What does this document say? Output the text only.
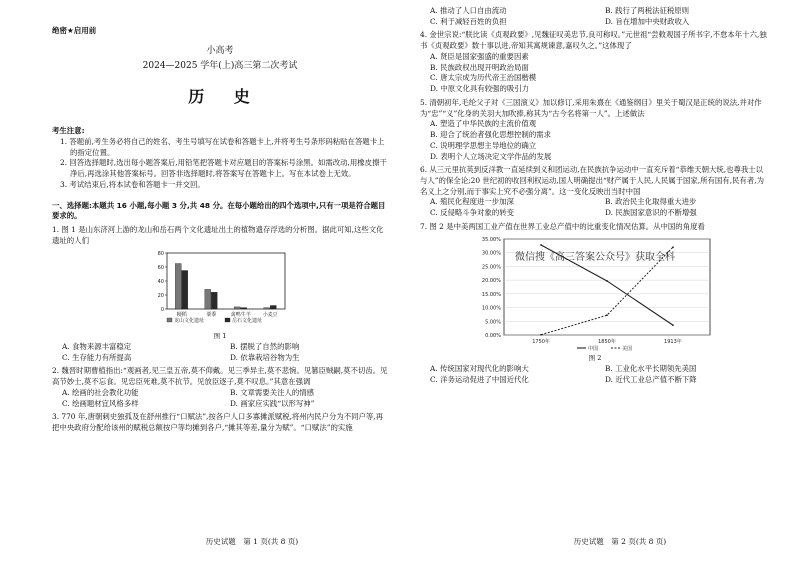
绝密★启用前
小高考
2024—2025 学年(上)高三第二次考试
历 史
考生注意:
1. 答题前,考生务必将自己的姓名、考生号填写在试卷和答题卡上,并将考生号条形码粘贴在答题卡上的指定位置。
2. 回答选择题时,选出每小题答案后,用铅笔把答题卡对应题目的答案标号涂黑。如需改动,用橡皮擦干净后,再选涂其他答案标号。回答非选择题时,将答案写在答题卡上。写在本试卷上无效。
3. 考试结束后,将本试卷和答题卡一并交回。
一、选择题:本题共 16 小题,每小题 3 分,共 48 分。在每小题给出的四个选项中,只有一项是符合题目要求的。

1. 图 1 是山东济河上游的龙山和岳石两个文化遗址出土的植物遗存浮选的分析图。据此可知,这些文化遗址的人们

0
20
40
60
80
粳稻	粟黍	禽鸭牛羊 小麦豆
龙山文化遗址	岳石文化遗址
图 1
A. 食物来源丰富稳定	B. 摆脱了自然的影响
C. 生存能力有所提高	D. 依靠栽培谷物为生

2. 魏晋时期曹植指出:“观画者,见三皇五帝,莫不仰戴。见三季异主,莫不悲惋。见篡臣贼嗣,莫不切齿。见高节妙士,莫不忘食。见忠臣死难,莫不抗节。见放臣逐子,莫不叹息。”其意在强调

A. 绘画的社会教化功能	B. 文章需要关注人的情感
C. 绘画题材宜风格多样	D. 画家应实践“以形写神”

3. 770 年,唐朝刺史独孤及在舒州推行“口赋法”,按各户人口多寡摊派赋税,将州内民户分为不同户等,再把中央政府分配给该州的赋税总额按户等均摊到各户,“摊其等差,量分为赋”。“口赋法”的实施

历史试题　第 1 页(共 8 页)
A. 推动了人口自由流动	B. 践行了两税法征税原则
C. 利于减轻百姓的负担	D. 旨在增加中央财政收入

4. 金世宗说:“朕比读《贞观政要》,见魏征叹美忠节,良可称叹。”元世祖“尝敕观国子所书字,不怠本年十六,独书《贞观政要》数十事以进,帝知其寓规谏意,嘉叹久之。”这体现了

A. 贤臣是国家强盛的重要因素
B. 民族政权出现开明政治局面
C. 唐太宗成为历代帝王治国楷模
D. 中原文化具有较强的吸引力

5. 清朝初年,毛纶父子对《三国演义》加以修订,采用朱熹在《通鉴纲目》里关于蜀汉是正统的说法,并对作为“忠”“义”化身的关羽大加吹捧,称其为“古今名将第一人”。上述做法

A. 塑造了中华民族的主流价值观
B. 迎合了统治者强化思想控制的需求
C. 说明理学思想主导地位的确立
D. 表明个人立场决定文学作品的发展

6. 从三元里抗英到反洋教一直延续到义和团运动,在民族抗争运动中一直充斥着“恭维天朝大统,也尊我士以与人”的保全论;20 世纪初的收回利权运动,国人明确提出“财产属于人民,人民属于国家,所有国有,民有者,为名义上之分别,而于事实上究不必强分离”。这一变化反映出当时中国

A. 殖民化程度进一步加深	B. 政治民主化取得重大进步
C. 反侵略斗争对象的转变	D. 民族国家意识的不断增强

7. 图 2 是中美两国工业产值在世界工业总产值中的比重变化情况估算。从中国的角度看

0.00%
5.00%
10.00%
15.00%
20.00%
25.00%
30.00%
35.00%
1750年	1850年	1913年
中国	美国
微信搜《高三答案公众号》获取全科
图 2
A. 传统国家对现代化的影响大	B. 工业化水平长期领先美国
C. 洋务运动促进了中国近代化	D. 近代工业总产值不断下降
历史试题　第 2 页(共 8 页)
